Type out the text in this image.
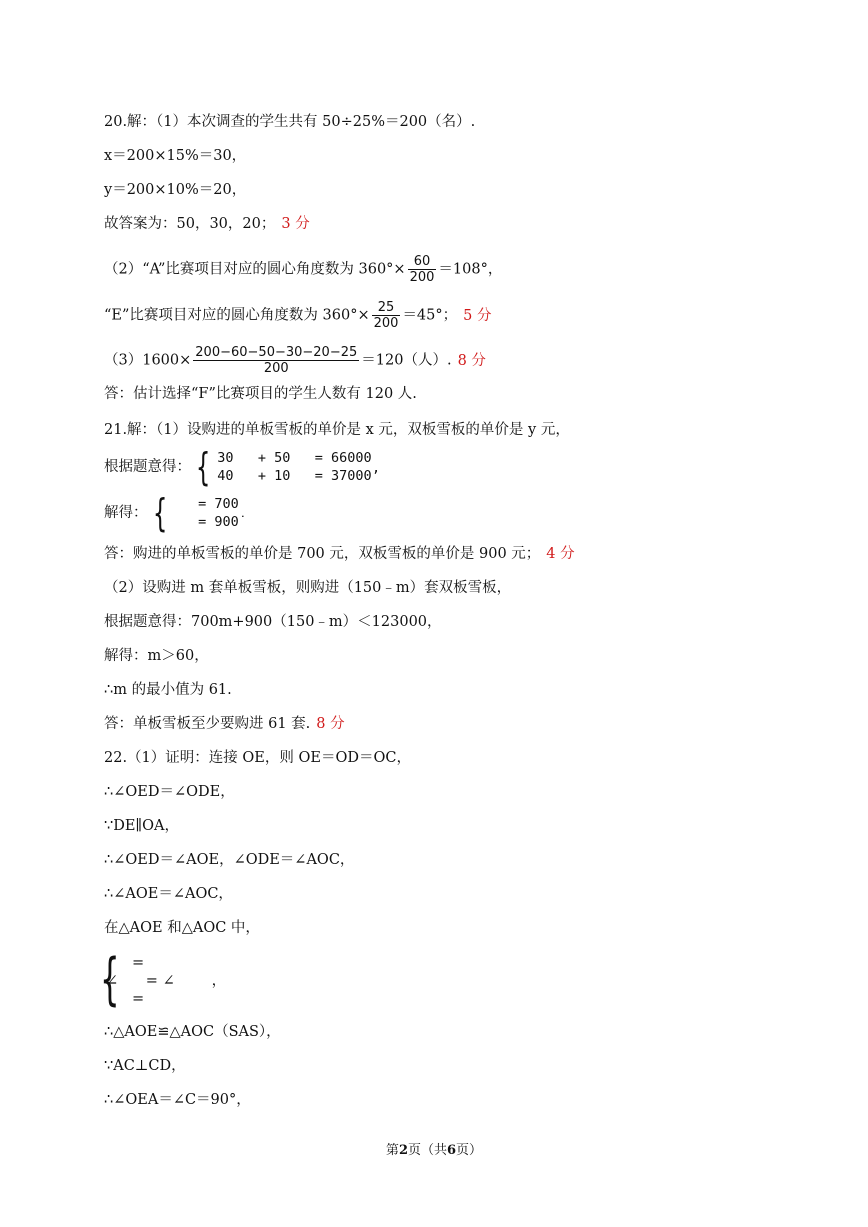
20.解：（1）本次调查的学生共有 50÷25%＝200（名）.
x＝200×15%＝30，
y＝200×10%＝20，
故答案为：50，30，20； 3 分
（2）“A”比赛项目对应的圆心角度数为 $360^\circ\times \frac{60}{200} =108^\circ$，
“E”比赛项目对应的圆心角度数为 $360^\circ\times \frac{25}{200} =45^\circ$； 5 分
$(3)1600\times \frac{200-60-50-30-20-25}{200} =120$（人）. 8 分
答：估计选择“F”比赛项目的学生人数有 120 人.
21.解：（1）设购进的单板雪板的单价是 x 元，双板雪板的单价是 y 元，
根据题意得： { 30   + 50   = 66000
40   + 10   = 37000’
解得： { = 700
= 900˙
答：购进的单板雪板的单价是 700 元，双板雪板的单价是 900 元； 4 分
（2）设购进 m 套单板雪板，则购进（150﹣m）套双板雪板，
根据题意得：700m+900（150﹣m）＜123000，
解得：m＞60，
∴m 的最小值为 61.
答：单板雪板至少要购进 61 套. 8 分
22.（1）证明：连接 OE，则 OE＝OD＝OC，
∴∠OED＝∠ODE，
∵DE∥OA，
∴∠OED＝∠AOE，∠ODE＝∠AOC，
∴∠AOE＝∠AOC，
在△AOE 和△AOC 中，
{ =
∠      = ∠        ，
=
∴△AOE≌△AOC（SAS），
∵AC⊥CD，
∴∠OEA＝∠C＝90°，
第2页（共6页）
